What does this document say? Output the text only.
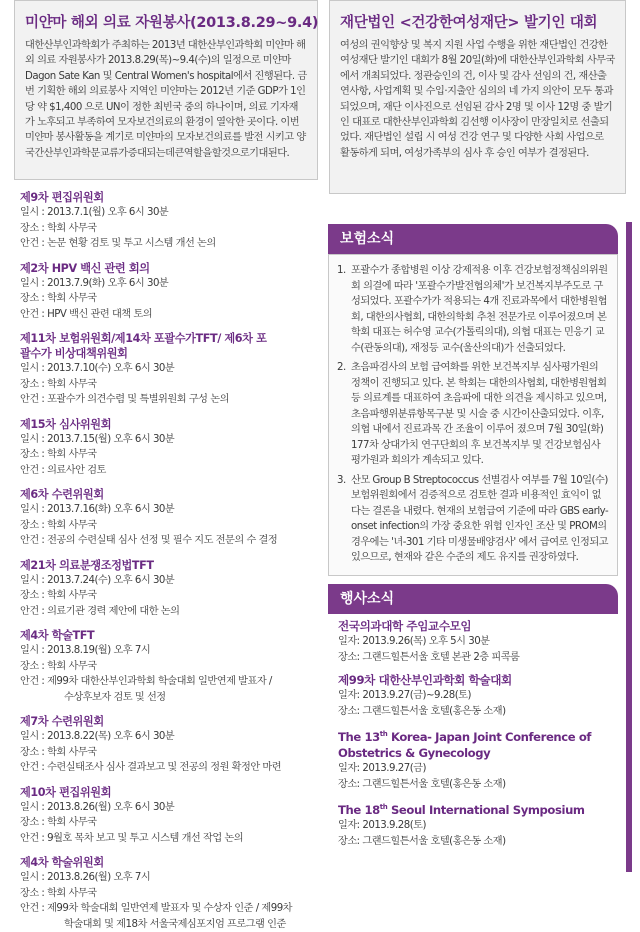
미얀마 해외 의료 자원봉사(2013.8.29~9.4)

대한산부인과학회가 주최하는 2013년 대한산부인과학회 미얀마 해외 의료 자원봉사가 2013.8.29(목)~9.4(수)의 일정으로 미얀마 Dagon Sate Kan 및 Central Women's hospital에서 진행된다. 금번 기획한 해외 의료봉사 지역인 미얀마는 2012년 기준 GDP가 1인당 약 $1,400 으로 UN이 정한 최빈국 중의 하나이며, 의료 기자재가 노후되고 부족하여 모자보건의료의 환경이 열악한 곳이다. 이번 미얀마 봉사활동을 계기로 미얀마의 모자보건의료를 발전 시키고 양국간산부인과학문교류가증대되는데큰역할을할것으로기대된다.

제9차 편집위원회

일시 : 2013.7.1(월) 오후 6시 30분

장소 : 학회 사무국

안건 : 논문 현황 검토 및 투고 시스템 개선 논의

제2차 HPV 백신 관련 회의

일시 : 2013.7.9(화) 오후 6시 30분

장소 : 학회 사무국

안건 : HPV 백신 관련 대책 토의

제11차 보험위원회/제14차 포괄수가TFT/ 제6차 포괄수가 비상대책위원회

일시 : 2013.7.10(수) 오후 6시 30분

장소 : 학회 사무국

안건 : 포괄수가 의견수렴 및 특별위원회 구성 논의

제15차 심사위원회

일시 : 2013.7.15(월) 오후 6시 30분

장소 : 학회 사무국

안건 : 의료사안 검토

제6차 수련위원회

일시 : 2013.7.16(화) 오후 6시 30분

장소 : 학회 사무국

안건 : 전공의 수련실태 심사 선정 및 필수 지도 전문의 수 결정

제21차 의료분쟁조정법TFT

일시 : 2013.7.24(수) 오후 6시 30분

장소 : 학회 사무국

안건 : 의료기관 경력 제안에 대한 논의

제4차 학술TFT

일시 : 2013.8.19(월) 오후 7시

장소 : 학회 사무국

안건 : 제99차 대한산부인과학회 학술대회 일반연제 발표자 /

수상후보자 검토 및 선정

제7차 수련위원회

일시 : 2013.8.22(목) 오후 6시 30분

장소 : 학회 사무국

안건 : 수련실태조사 심사 결과보고 및 전공의 정원 확정안 마련

제10차 편집위원회

일시 : 2013.8.26(월) 오후 6시 30분

장소 : 학회 사무국

안건 : 9월호 목차 보고 및 투고 시스템 개선 작업 논의

제4차 학술위원회

일시 : 2013.8.26(월) 오후 7시

장소 : 학회 사무국

안건 : 제99차 학술대회 일반연제 발표자 및 수상자 인준 / 제99차

학술대회 및 제18차 서울국제심포지엄 프로그램 인준

재단법인 <건강한여성재단> 발기인 대회

여성의 권익향상 및 복지 지원 사업 수행을 위한 재단법인 건강한 여성재단 발기인 대회가 8월 20일(화)에 대한산부인과학회 사무국에서 개최되었다. 정관승인의 건, 이사 및 감사 선임의 건, 재산출연사항, 사업계획 및 수입·지출안 심의의 네 가지 의안이 모두 통과되었으며, 재단 이사진으로 선임된 감사 2명 및 이사 12명 중 발기인 대표로 대한산부인과학회 김선행 이사장이 만장일치로 선출되었다. 재단법인 설립 시 여성 건강 연구 및 다양한 사회 사업으로 활동하게 되며, 여성가족부의 심사 후 승인 여부가 결정된다.

보험소식
1. 포괄수가 종합병원 이상 강제적용 이후 건강보험정책심의위원회 의결에 따라 '포괄수가발전협의체'가 보건복지부주도로 구성되었다. 포괄수가가 적용되는 4개 진료과목에서 대한병원협회, 대한의사협회, 대한의학회 추천 전문가로 이루어졌으며 본 학회 대표는 허수영 교수(가톨릭의대), 의협 대표는 민응기 교수(관동의대), 재정등 교수(울산의대)가 선출되었다.
2. 초음파검사의 보험 급여화를 위한 보건복지부 심사평가원의 정책이 진행되고 있다. 본 학회는 대한의사협회, 대한병원협회 등 의료계를 대표하여 초음파에 대한 의견을 제시하고 있으며, 초음파행위분류항목구분 및 시술 중 시간이산출되었다. 이후, 의협 내에서 진료과목 간 조율이 이루어 졌으며 7월 30일(화) 177차 상대가치 연구단회의 후 보건복지부 및 건강보험심사평가원과 회의가 계속되고 있다.
3. 산모 Group B Streptococcus 선별검사 여부를 7월 10일(수) 보험위원회에서 검증적으로 검토한 결과 비용적인 효익이 없다는 결론을 내렸다. 현재의 보험급여 기준에 따라 GBS early-onset infection의 가장 중요한 위험 인자인 조산 및 PROM의 경우에는 '녀-301 기타 미생물배양검사' 에서 급여로 인정되고 있으므로, 현재와 같은 수준의 제도 유지를 권장하였다.
행사소식

전국의과대학 주임교수모임

일자: 2013.9.26(목) 오후 5시 30분

장소: 그랜드힐튼서울 호텔 본관 2층 피콕룸

제99차 대한산부인과학회 학술대회

일자: 2013.9.27(금)~9.28(토)

장소: 그랜드힐튼서울 호텔(홍은동 소재)

The 13th Korea- Japan Joint Conference of Obstetrics & Gynecology

일자: 2013.9.27(금)

장소: 그랜드힐튼서울 호텔(홍은동 소재)

The 18th Seoul International Symposium

일자: 2013.9.28(토)

장소: 그랜드힐튼서울 호텔(홍은동 소재)
